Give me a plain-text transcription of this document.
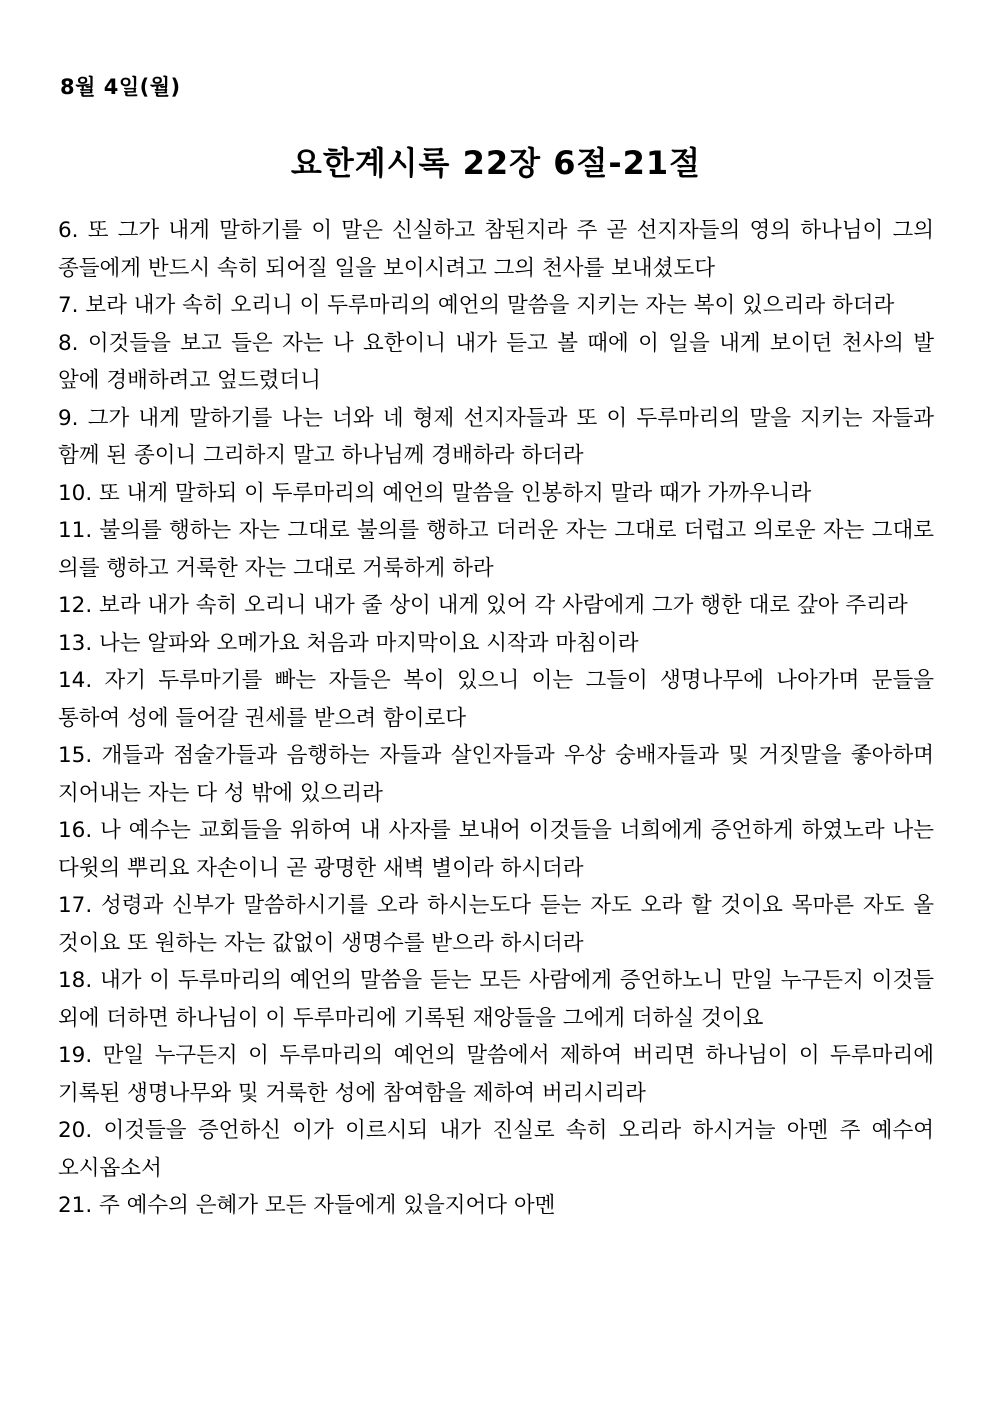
8월 4일(월)
요한계시록 22장 6절-21절

6. 또 그가 내게 말하기를 이 말은 신실하고 참된지라 주 곧 선지자들의 영의 하나님이 그의 종들에게 반드시 속히 되어질 일을 보이시려고 그의 천사를 보내셨도다

7. 보라 내가 속히 오리니 이 두루마리의 예언의 말씀을 지키는 자는 복이 있으리라 하더라

8. 이것들을 보고 들은 자는 나 요한이니 내가 듣고 볼 때에 이 일을 내게 보이던 천사의 발 앞에 경배하려고 엎드렸더니

9. 그가 내게 말하기를 나는 너와 네 형제 선지자들과 또 이 두루마리의 말을 지키는 자들과 함께 된 종이니 그리하지 말고 하나님께 경배하라 하더라

10. 또 내게 말하되 이 두루마리의 예언의 말씀을 인봉하지 말라 때가 가까우니라

11. 불의를 행하는 자는 그대로 불의를 행하고 더러운 자는 그대로 더럽고 의로운 자는 그대로 의를 행하고 거룩한 자는 그대로 거룩하게 하라

12. 보라 내가 속히 오리니 내가 줄 상이 내게 있어 각 사람에게 그가 행한 대로 갚아 주리라

13. 나는 알파와 오메가요 처음과 마지막이요 시작과 마침이라

14. 자기 두루마기를 빠는 자들은 복이 있으니 이는 그들이 생명나무에 나아가며 문들을 통하여 성에 들어갈 권세를 받으려 함이로다

15. 개들과 점술가들과 음행하는 자들과 살인자들과 우상 숭배자들과 및 거짓말을 좋아하며 지어내는 자는 다 성 밖에 있으리라

16. 나 예수는 교회들을 위하여 내 사자를 보내어 이것들을 너희에게 증언하게 하였노라 나는 다윗의 뿌리요 자손이니 곧 광명한 새벽 별이라 하시더라

17. 성령과 신부가 말씀하시기를 오라 하시는도다 듣는 자도 오라 할 것이요 목마른 자도 올 것이요 또 원하는 자는 값없이 생명수를 받으라 하시더라

18. 내가 이 두루마리의 예언의 말씀을 듣는 모든 사람에게 증언하노니 만일 누구든지 이것들 외에 더하면 하나님이 이 두루마리에 기록된 재앙들을 그에게 더하실 것이요

19. 만일 누구든지 이 두루마리의 예언의 말씀에서 제하여 버리면 하나님이 이 두루마리에 기록된 생명나무와 및 거룩한 성에 참여함을 제하여 버리시리라

20. 이것들을 증언하신 이가 이르시되 내가 진실로 속히 오리라 하시거늘 아멘 주 예수여 오시옵소서

21. 주 예수의 은혜가 모든 자들에게 있을지어다 아멘
